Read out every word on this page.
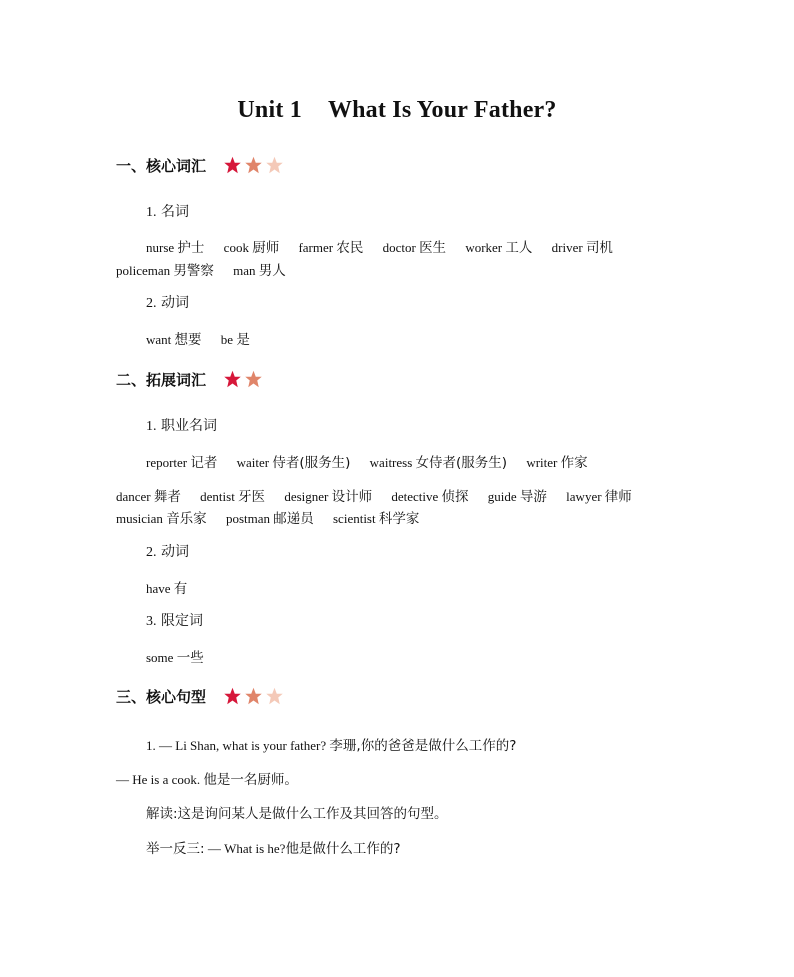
Unit 1 What Is Your Father?
一、核心词汇
1. 名词
nurse 护士 cook 厨师 farmer 农民 doctor 医生 worker 工人 driver 司机
policeman 男警察 man 男人
2. 动词
want 想要 be 是
二、拓展词汇
1. 职业名词
reporter 记者 waiter 侍者(服务生) waitress 女侍者(服务生) writer 作家
dancer 舞者 dentist 牙医 designer 设计师 detective 侦探 guide 导游 lawyer 律师
musician 音乐家 postman 邮递员 scientist 科学家
2. 动词
have 有
3. 限定词
some 一些
三、核心句型
1. — Li Shan, what is your father? 李珊,你的爸爸是做什么工作的?
— He is a cook. 他是一名厨师。
解读:这是询问某人是做什么工作及其回答的句型。
举一反三: — What is he?他是做什么工作的?
